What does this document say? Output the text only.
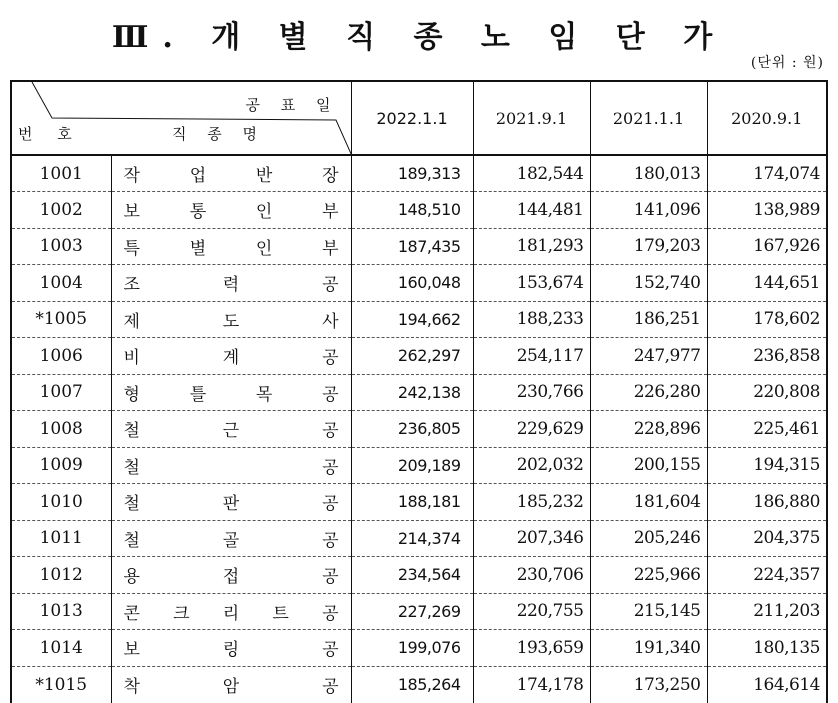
Ⅲ. 개 별 직 종 노 임 단 가
(단위 : 원)
공 표 일
번 호 직 종 명		2022.1.1	2021.9.1	2021.1.1	2020.9.1
1001	작 업 반 장	189,313	182,544	180,013	174,074
1002	보 통 인 부	148,510	144,481	141,096	138,989
1003	특 별 인 부	187,435	181,293	179,203	167,926
1004	조 력 공	160,048	153,674	152,740	144,651
*1005	제 도 사	194,662	188,233	186,251	178,602
1006	비 계 공	262,297	254,117	247,977	236,858
1007	형 틀 목 공	242,138	230,766	226,280	220,808
1008	철 근 공	236,805	229,629	228,896	225,461
1009	철 공	209,189	202,032	200,155	194,315
1010	철 판 공	188,181	185,232	181,604	186,880
1011	철 골 공	214,374	207,346	205,246	204,375
1012	용 접 공	234,564	230,706	225,966	224,357
1013	콘 크 리 트 공	227,269	220,755	215,145	211,203
1014	보 링 공	199,076	193,659	191,340	180,135
*1015	착 암 공	185,264	174,178	173,250	164,614
